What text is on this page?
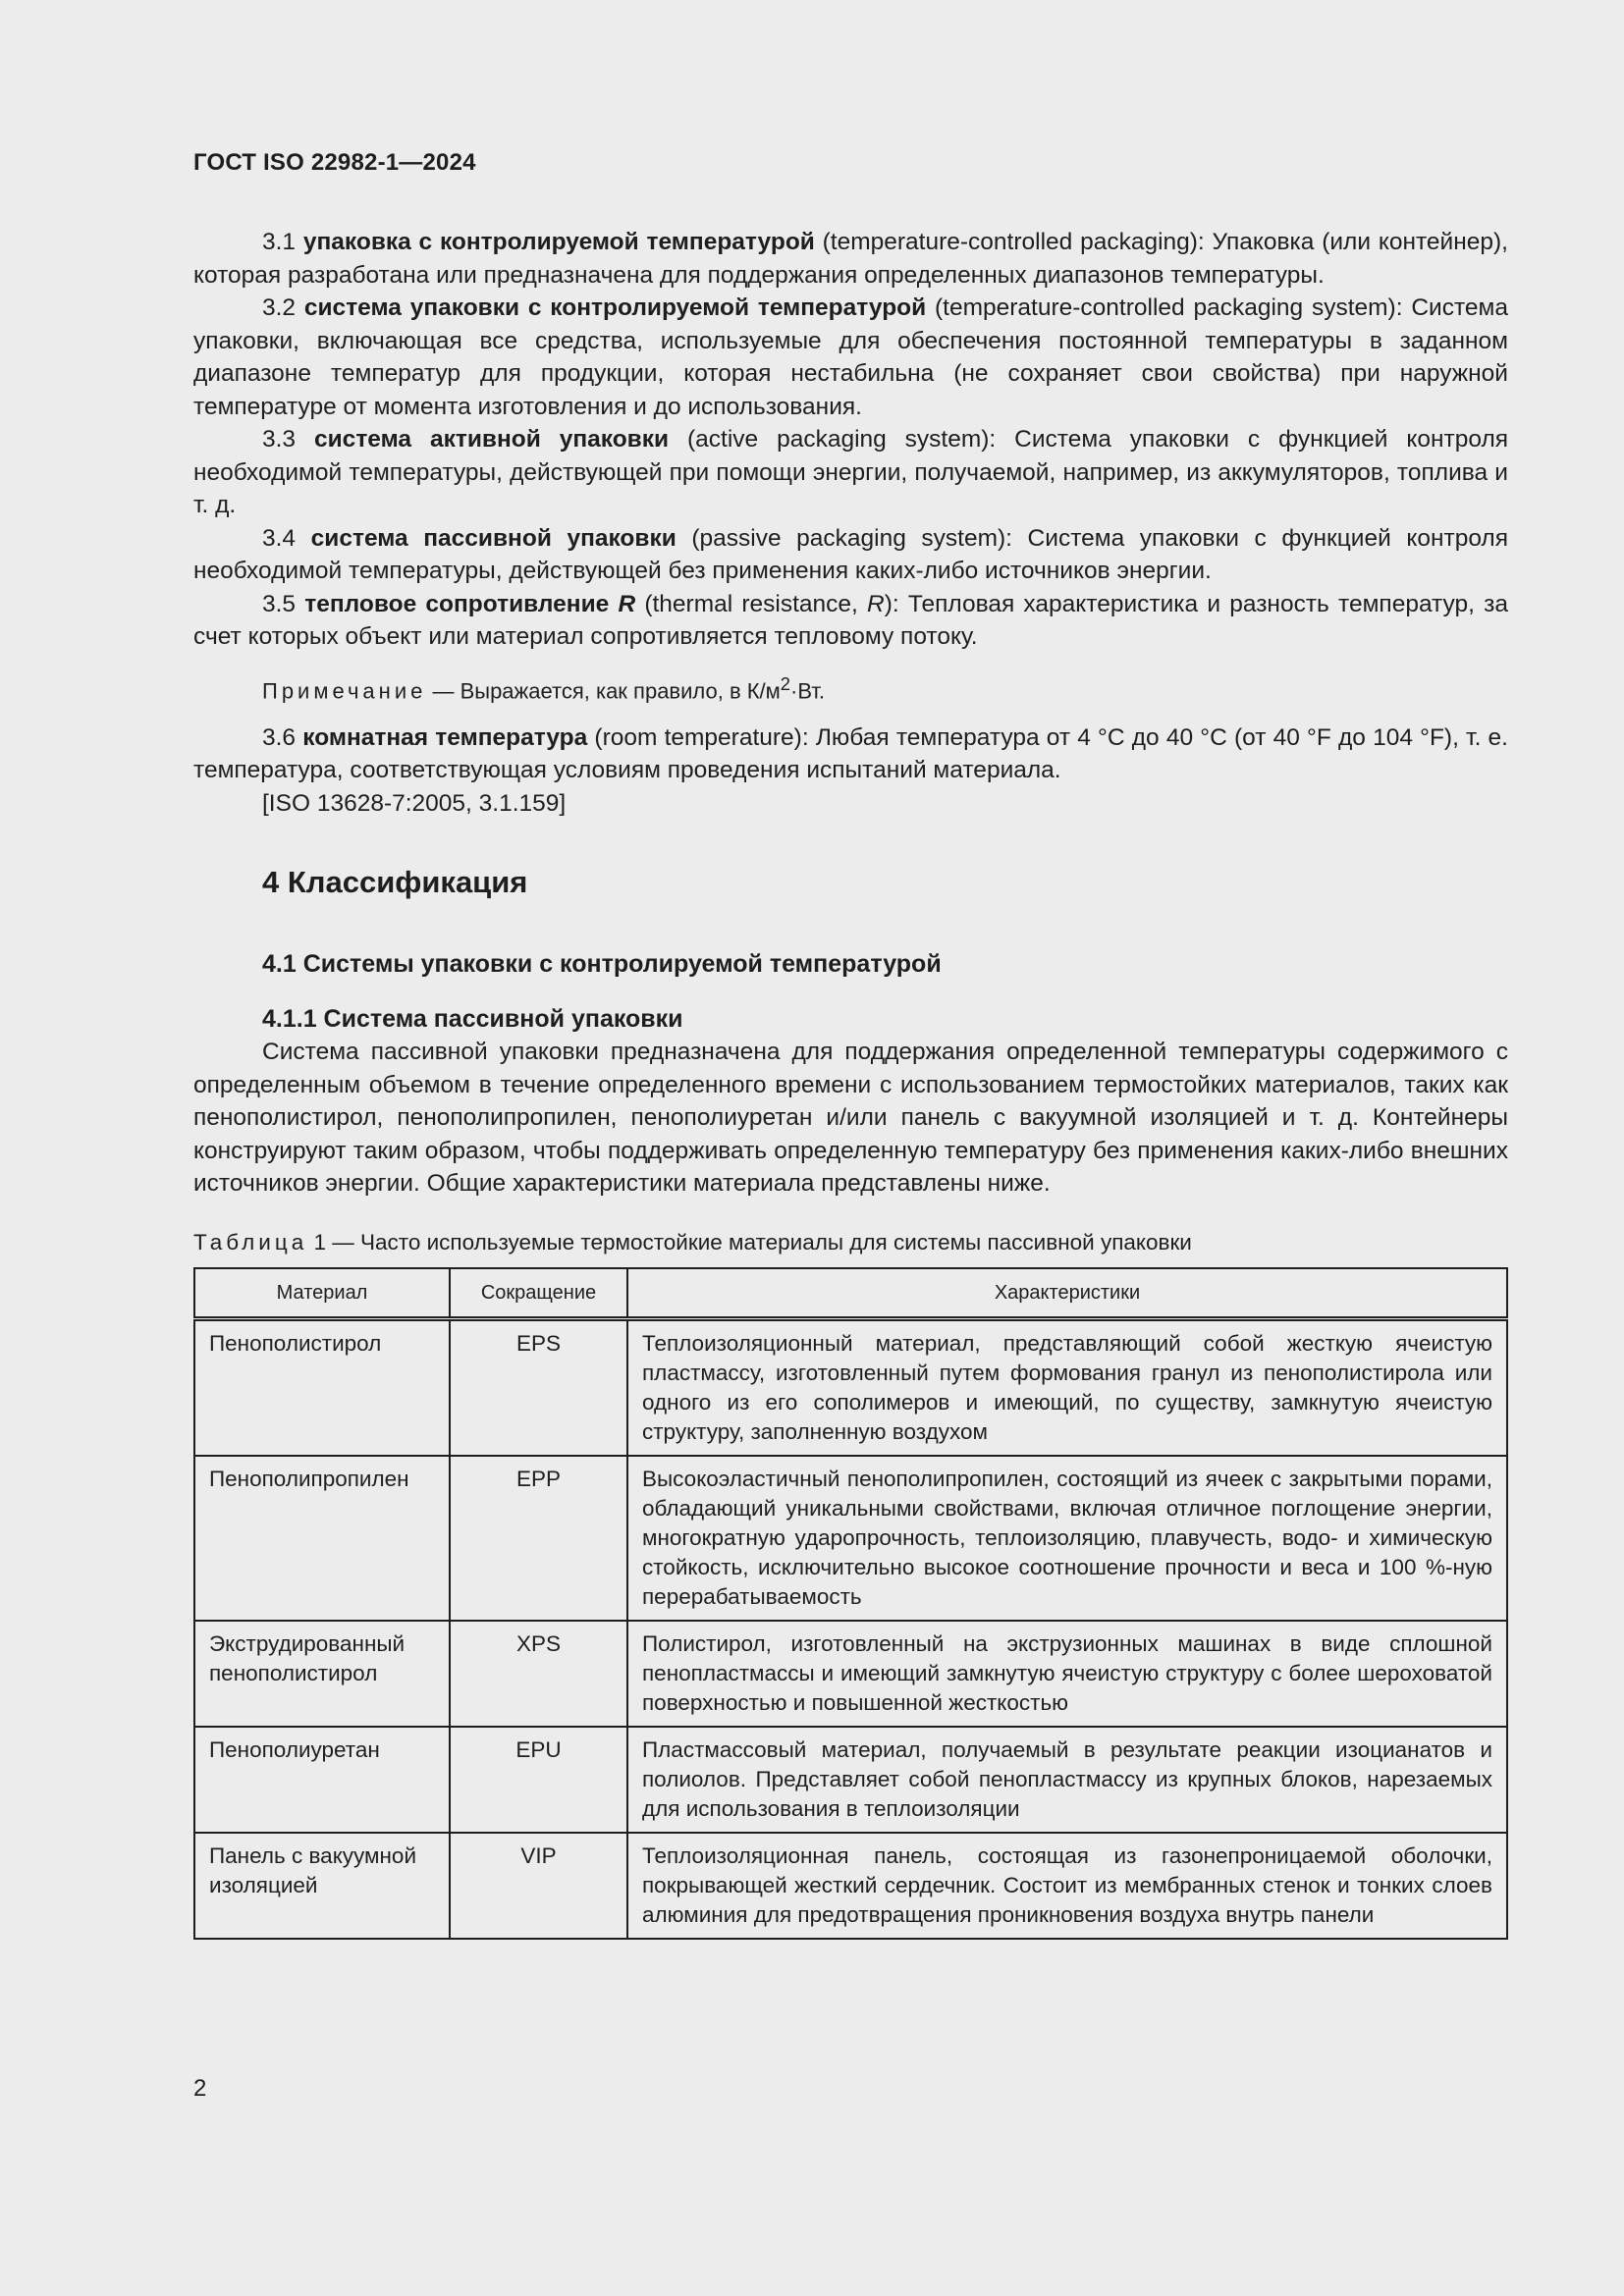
ГОСТ ISO 22982-1—2024

3.1 упаковка с контролируемой температурой (temperature-controlled packaging): Упаковка (или контейнер), которая разработана или предназначена для поддержания определенных диапазонов температуры.

3.2 система упаковки с контролируемой температурой (temperature-controlled packaging system): Система упаковки, включающая все средства, используемые для обеспечения постоянной температуры в заданном диапазоне температур для продукции, которая нестабильна (не сохраняет свои свойства) при наружной температуре от момента изготовления и до использования.

3.3 система активной упаковки (active packaging system): Система упаковки с функцией контроля необходимой температуры, действующей при помощи энергии, получаемой, например, из аккумуляторов, топлива и т. д.

3.4 система пассивной упаковки (passive packaging system): Система упаковки с функцией контроля необходимой температуры, действующей без применения каких-либо источников энергии.

3.5 тепловое сопротивление R (thermal resistance, R): Тепловая характеристика и разность температур, за счет которых объект или материал сопротивляется тепловому потоку.

Примечание — Выражается, как правило, в $К/м^2\cdot Вт$.

3.6 комнатная температура (room temperature): Любая температура от 4 °C до 40 °C (от 40 °F до 104 °F), т. е. температура, соответствующая условиям проведения испытаний материала.

[ISO 13628-7:2005, 3.1.159]

4 Классификация
4.1 Системы упаковки с контролируемой температурой
4.1.1 Система пассивной упаковки

Система пассивной упаковки предназначена для поддержания определенной температуры содержимого с определенным объемом в течение определенного времени с использованием термостойких материалов, таких как пенополистирол, пенополипропилен, пенополиуретан и/или панель с вакуумной изоляцией и т. д. Контейнеры конструируют таким образом, чтобы поддерживать определенную температуру без применения каких-либо внешних источников энергии. Общие характеристики материала представлены ниже.

Таблица 1 — Часто используемые термостойкие материалы для системы пассивной упаковки
Материал	Сокращение	Характеристики
Пенополистирол	EPS	Теплоизоляционный материал, представляющий собой жесткую ячеистую пластмассу, изготовленный путем формования гранул из пенополистирола или одного из его сополимеров и имеющий, по существу, замкнутую ячеистую структуру, заполненную воздухом
Пенополипропилен	EPP	Высокоэластичный пенополипропилен, состоящий из ячеек с закрытыми порами, обладающий уникальными свойствами, включая отличное поглощение энергии, многократную ударопрочность, теплоизоляцию, плавучесть, водо- и химическую стойкость, исключительно высокое соотношение прочности и веса и 100 %-ную перерабатываемость
Экструдированный пенополистирол	XPS	Полистирол, изготовленный на экструзионных машинах в виде сплошной пенопластмассы и имеющий замкнутую ячеистую структуру с более шероховатой поверхностью и повышенной жесткостью
Пенополиуретан	EPU	Пластмассовый материал, получаемый в результате реакции изоцианатов и полиолов. Представляет собой пенопластмассу из крупных блоков, нарезаемых для использования в теплоизоляции
Панель с вакуумной изоляцией	VIP	Теплоизоляционная панель, состоящая из газонепроницаемой оболочки, покрывающей жесткий сердечник. Состоит из мембранных стенок и тонких слоев алюминия для предотвращения проникновения воздуха внутрь панели
2
